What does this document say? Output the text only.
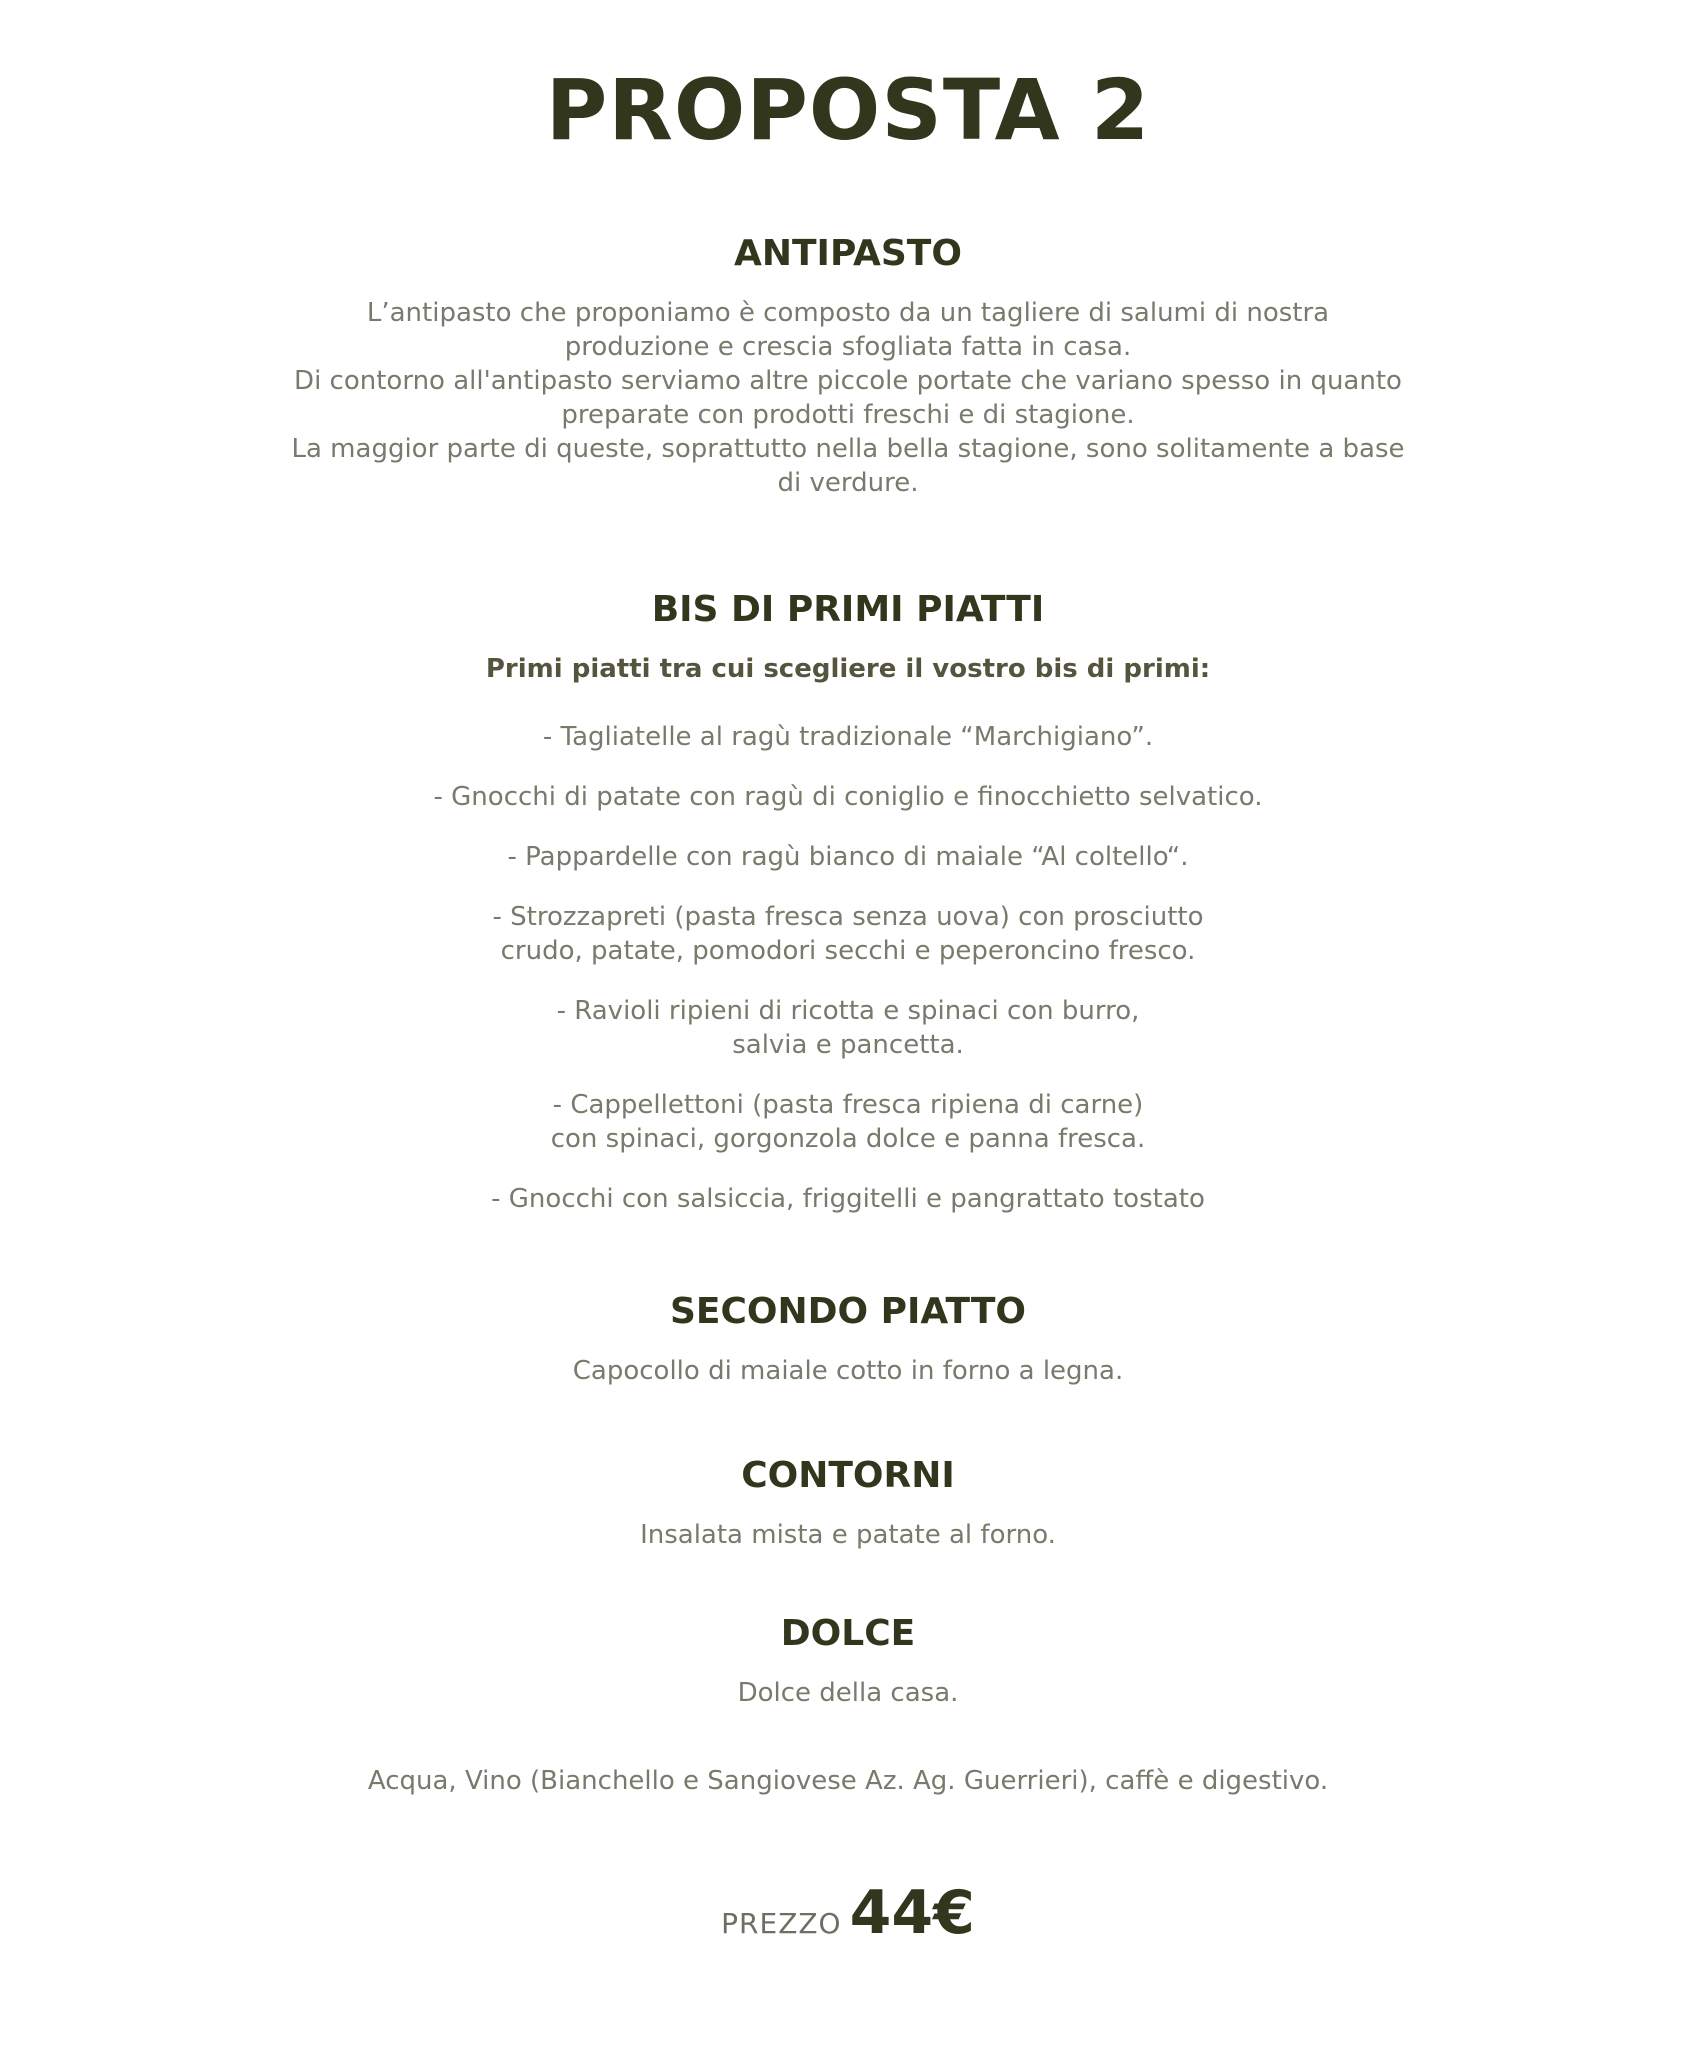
PROPOSTA 2
ANTIPASTO

L’antipasto che proponiamo è composto da un tagliere di salumi di nostra

produzione e crescia sfogliata fatta in casa.

Di contorno all'antipasto serviamo altre piccole portate che variano spesso in quanto

preparate con prodotti freschi e di stagione.

La maggior parte di queste, soprattutto nella bella stagione, sono solitamente a base

di verdure.

BIS DI PRIMI PIATTI
Primi piatti tra cui scegliere il vostro bis di primi:

- Tagliatelle al ragù tradizionale “Marchigiano”.

- Gnocchi di patate con ragù di coniglio e finocchietto selvatico.

- Pappardelle con ragù bianco di maiale “Al coltello“.

- Strozzapreti (pasta fresca senza uova) con prosciutto

crudo, patate, pomodori secchi e peperoncino fresco.

- Ravioli ripieni di ricotta e spinaci con burro,

salvia e pancetta.

- Cappellettoni (pasta fresca ripiena di carne)

con spinaci, gorgonzola dolce e panna fresca.

- Gnocchi con salsiccia, friggitelli e pangrattato tostato

SECONDO PIATTO

Capocollo di maiale cotto in forno a legna.

CONTORNI

Insalata mista e patate al forno.

DOLCE

Dolce della casa.

Acqua, Vino (Bianchello e Sangiovese Az. Ag. Guerrieri), caffè e digestivo.

PREZZO 44€
